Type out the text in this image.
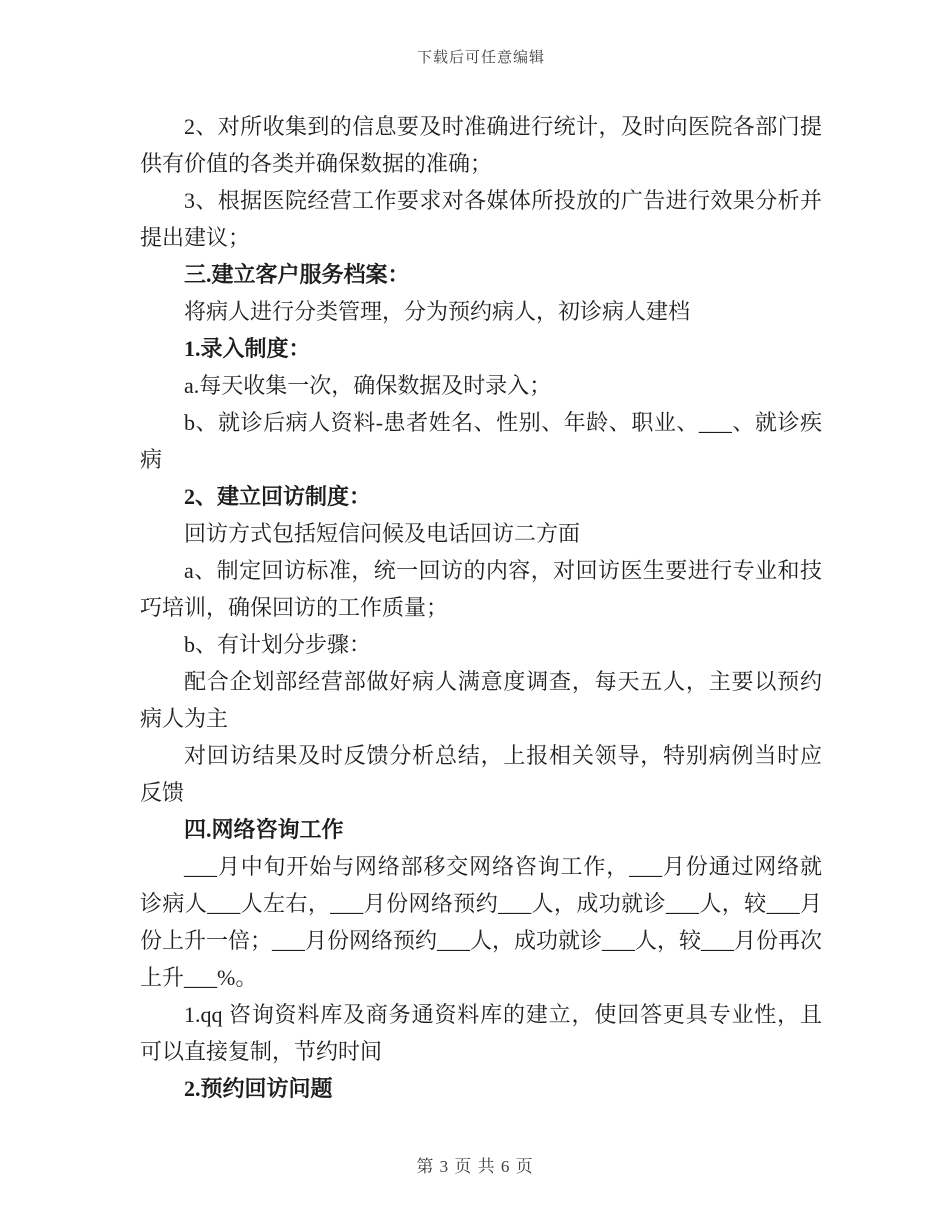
下载后可任意编辑
2、对所收集到的信息要及时准确进行统计，及时向医院各部门提
供有价值的各类并确保数据的准确；
3、根据医院经营工作要求对各媒体所投放的广告进行效果分析并
提出建议；
三.建立客户服务档案：
将病人进行分类管理，分为预约病人，初诊病人建档
1.录入制度：
a.每天收集一次，确保数据及时录入；
b、就诊后病人资料-患者姓名、性别、年龄、职业、___、就诊疾
病
2、建立回访制度：
回访方式包括短信问候及电话回访二方面
a、制定回访标准，统一回访的内容，对回访医生要进行专业和技
巧培训，确保回访的工作质量；
b、有计划分步骤：
配合企划部经营部做好病人满意度调查，每天五人，主要以预约
病人为主
对回访结果及时反馈分析总结，上报相关领导，特别病例当时应
反馈
四.网络咨询工作
___月中旬开始与网络部移交网络咨询工作，___月份通过网络就
诊病人___人左右，___月份网络预约___人，成功就诊___人，较___月
份上升一倍；___月份网络预约___人，成功就诊___人，较___月份再次
上升___%。
1.qq 咨询资料库及商务通资料库的建立，使回答更具专业性，且
可以直接复制，节约时间
2.预约回访问题
第 3 页 共 6 页
